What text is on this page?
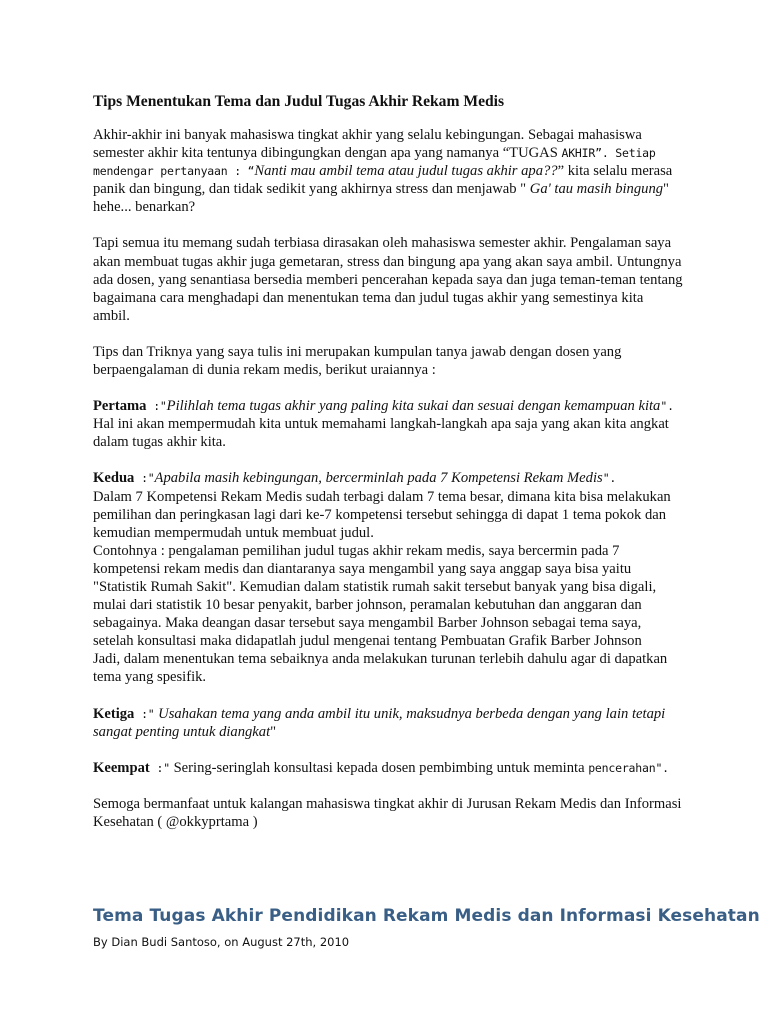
Tips Menentukan Tema dan Judul Tugas Akhir Rekam Medis

Akhir-akhir ini banyak mahasiswa tingkat akhir yang selalu kebingungan. Sebagai mahasiswa semester akhir kita tentunya dibingungkan dengan apa yang namanya “TUGAS AKHIR”. Setiap mendengar pertanyaan : “Nanti mau ambil tema atau judul tugas akhir apa??” kita selalu merasa panik dan bingung, dan tidak sedikit yang akhirnya stress dan menjawab " Ga' tau masih bingung" hehe... benarkan?

Tapi semua itu memang sudah terbiasa dirasakan oleh mahasiswa semester akhir. Pengalaman saya akan membuat tugas akhir juga gemetaran, stress dan bingung apa yang akan saya ambil. Untungnya ada dosen, yang senantiasa bersedia memberi pencerahan kepada saya dan juga teman-teman tentang bagaimana cara menghadapi dan menentukan tema dan judul tugas akhir yang semestinya kita ambil.

Tips dan Triknya yang saya tulis ini merupakan kumpulan tanya jawab dengan dosen yang berpaengalaman di dunia rekam medis, berikut uraiannya :

Pertama :"Pilihlah tema tugas akhir yang paling kita sukai dan sesuai dengan kemampuan kita".
Hal ini akan mempermudah kita untuk memahami langkah-langkah apa saja yang akan kita angkat dalam tugas akhir kita.

Kedua :"Apabila masih kebingungan, bercerminlah pada 7 Kompetensi Rekam Medis".
Dalam 7 Kompetensi Rekam Medis sudah terbagi dalam 7 tema besar, dimana kita bisa melakukan pemilihan dan peringkasan lagi dari ke-7 kompetensi tersebut sehingga di dapat 1 tema pokok dan kemudian mempermudah untuk membuat judul.
Contohnya : pengalaman pemilihan judul tugas akhir rekam medis, saya bercermin pada 7 kompetensi rekam medis dan diantaranya saya mengambil yang saya anggap saya bisa yaitu "Statistik Rumah Sakit". Kemudian dalam statistik rumah sakit tersebut banyak yang bisa digali, mulai dari statistik 10 besar penyakit, barber johnson, peramalan kebutuhan dan anggaran dan sebagainya. Maka deangan dasar tersebut saya mengambil Barber Johnson sebagai tema saya, setelah konsultasi maka didapatlah judul mengenai tentang Pembuatan Grafik Barber Johnson
Jadi, dalam menentukan tema sebaiknya anda melakukan turunan terlebih dahulu agar di dapatkan tema yang spesifik.

Ketiga :" Usahakan tema yang anda ambil itu unik, maksudnya berbeda dengan yang lain tetapi sangat penting untuk diangkat"

Keempat :" Sering-seringlah konsultasi kepada dosen pembimbing untuk meminta pencerahan".

Semoga bermanfaat untuk kalangan mahasiswa tingkat akhir di Jurusan Rekam Medis dan Informasi Kesehatan ( @okkyprtama )

Tema Tugas Akhir Pendidikan Rekam Medis dan Informasi Kesehatan
By Dian Budi Santoso, on August 27th, 2010
